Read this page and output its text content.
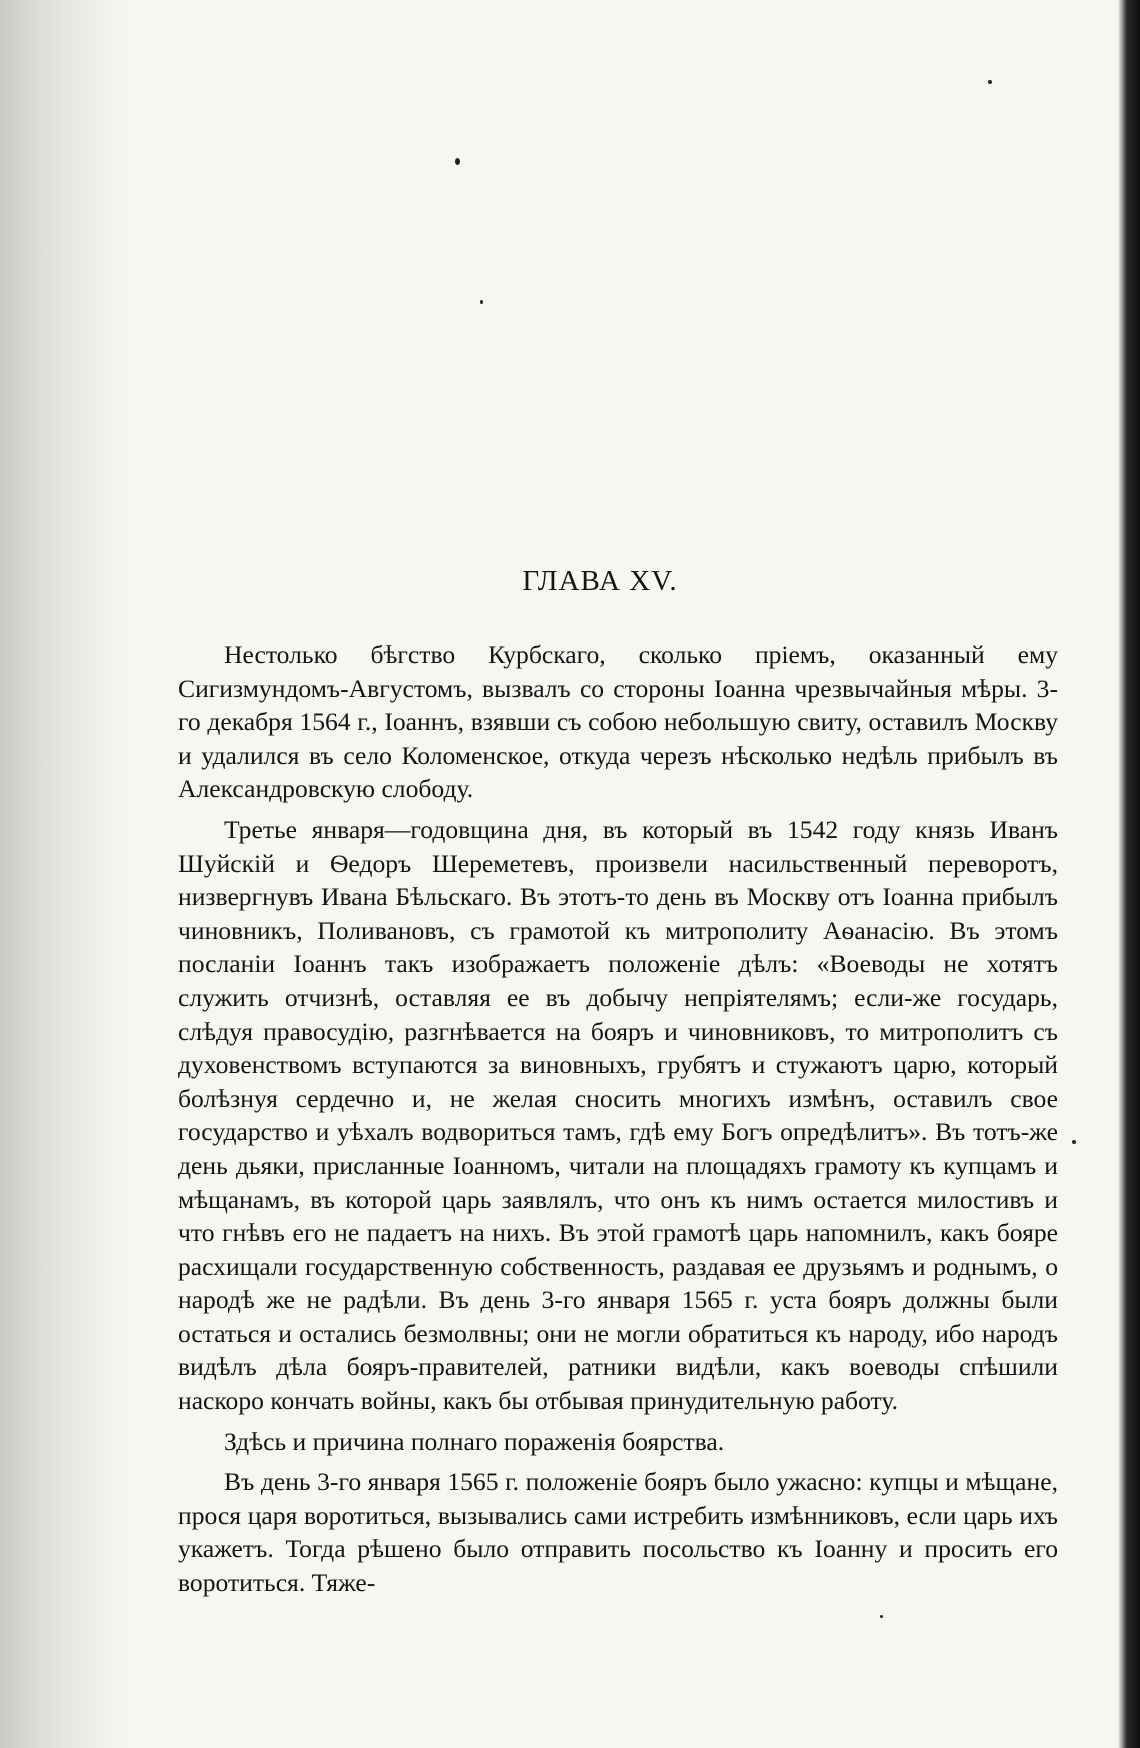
ГЛАВА XV.

Нестолько бѣгство Курбскаго, сколько пріемъ, оказанный ему Сигизмундомъ-Августомъ, вызвалъ со стороны Іоанна чрезвычайныя мѣры. 3-го декабря 1564 г., Іоаннъ, взявши съ собою небольшую свиту, оставилъ Москву и удалился въ село Коломенское, откуда черезъ нѣсколько недѣль прибылъ въ Александровскую слободу.

Третье января—годовщина дня, въ который въ 1542 году князь Иванъ Шуйскій и Ѳедоръ Шереметевъ, произвели насильственный переворотъ, низвергнувъ Ивана Бѣльскаго. Въ этотъ-то день въ Москву отъ Іоанна прибылъ чиновникъ, Поливановъ, съ грамотой къ митрополиту Аѳанасію. Въ этомъ посланіи Іоаннъ такъ изображаетъ положеніе дѣлъ: «Воеводы не хотятъ служить отчизнѣ, оставляя ее въ добычу непріятелямъ; если-же государь, слѣдуя правосудію, разгнѣвается на бояръ и чиновниковъ, то митрополитъ съ духовенствомъ вступаются за виновныхъ, грубятъ и стужаютъ царю, который болѣзнуя сердечно и, не желая сносить многихъ измѣнъ, оставилъ свое государство и уѣхалъ водвориться тамъ, гдѣ ему Богъ опредѣлитъ». Въ тотъ-же день дьяки, присланные Іоанномъ, читали на площадяхъ грамоту къ купцамъ и мѣщанамъ, въ которой царь заявлялъ, что онъ къ нимъ остается милостивъ и что гнѣвъ его не падаетъ на нихъ. Въ этой грамотѣ царь напомнилъ, какъ бояре расхищали государственную собственность, раздавая ее друзьямъ и роднымъ, о народѣ же не радѣли. Въ день 3-го января 1565 г. уста бояръ должны были остаться и остались безмолвны; они не могли обратиться къ народу, ибо народъ видѣлъ дѣла бояръ-правителей, ратники видѣли, какъ воеводы спѣшили наскоро кончать войны, какъ бы отбывая принудительную работу.

Здѣсь и причина полнаго пораженія боярства.

Въ день 3-го января 1565 г. положеніе бояръ было ужасно: купцы и мѣщане, прося царя воротиться, вызывались сами истребить измѣнниковъ, если царь ихъ укажетъ. Тогда рѣшено было отправить посольство къ Іоанну и просить его воротиться. Тяже-
